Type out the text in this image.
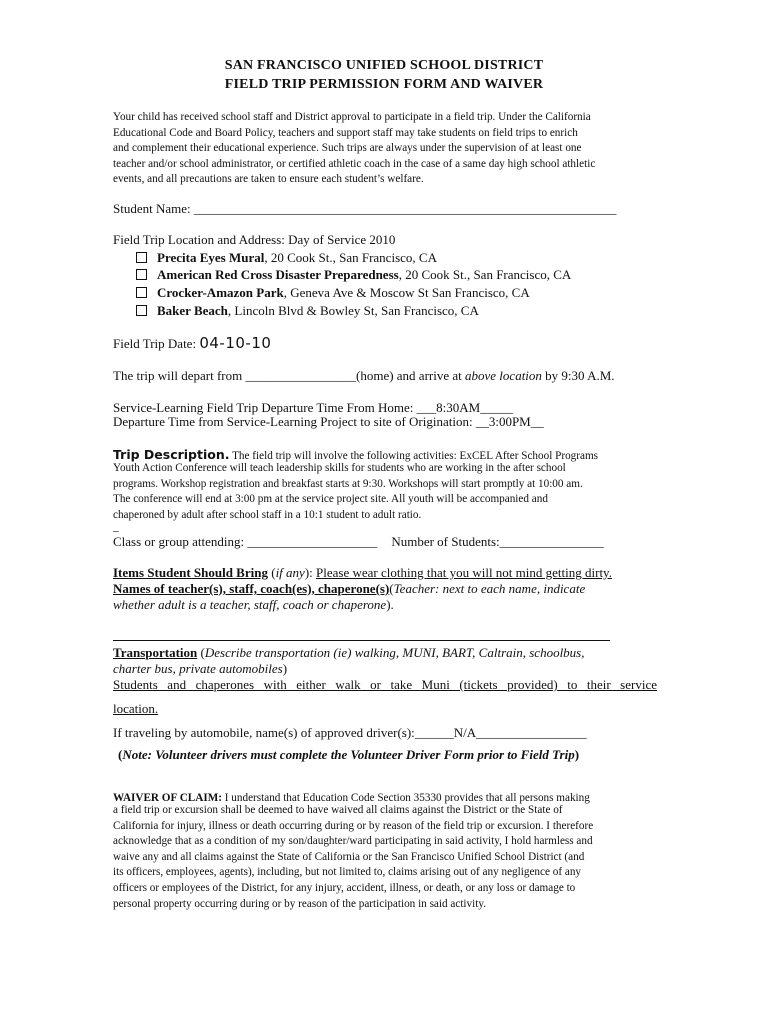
SAN FRANCISCO UNIFIED SCHOOL DISTRICT
FIELD TRIP PERMISSION FORM AND WAIVER
Your child has received school staff and District approval to participate in a field trip. Under the California
Educational Code and Board Policy, teachers and support staff may take students on field trips to enrich
and complement their educational experience. Such trips are always under the supervision of at least one
teacher and/or school administrator, or certified athletic coach in the case of a same day high school athletic
events, and all precautions are taken to ensure each student’s welfare.
Student Name: _________________________________________________________________
Field Trip Location and Address: Day of Service 2010
Precita Eyes Mural, 20 Cook St., San Francisco, CA
American Red Cross Disaster Preparedness, 20 Cook St., San Francisco, CA
Crocker-Amazon Park, Geneva Ave & Moscow St San Francisco, CA
Baker Beach, Lincoln Blvd & Bowley St, San Francisco, CA
Field Trip Date: 04-10-10
The trip will depart from _________________(home) and arrive at above location by 9:30 A.M.
Service-Learning Field Trip Departure Time From Home: ___8:30AM_____
Departure Time from Service-Learning Project to site of Origination: __3:00PM__
Trip Description. The field trip will involve the following activities: ExCEL After School Programs
Youth Action Conference will teach leadership skills for students who are working in the after school
programs. Workshop registration and breakfast starts at 9:30. Workshops will start promptly at 10:00 am.
The conference will end at 3:00 pm at the service project site. All youth will be accompanied and
chaperoned by adult after school staff in a 10:1 student to adult ratio.
_
Class or group attending: ____________________ Number of Students:________________
Items Student Should Bring (if any): Please wear clothing that you will not mind getting dirty.
Names of teacher(s), staff, coach(es), chaperone(s)(Teacher: next to each name, indicate
whether adult is a teacher, staff, coach or chaperone).
Transportation (Describe transportation (ie) walking, MUNI, BART, Caltrain, schoolbus,
charter bus, private automobiles)
Students and chaperones with either walk or take Muni (tickets provided) to their service
location.
If traveling by automobile, name(s) of approved driver(s):______N/A_________________
(Note: Volunteer drivers must complete the Volunteer Driver Form prior to Field Trip)
WAIVER OF CLAIM: I understand that Education Code Section 35330 provides that all persons making
a field trip or excursion shall be deemed to have waived all claims against the District or the State of
California for injury, illness or death occurring during or by reason of the field trip or excursion. I therefore
acknowledge that as a condition of my son/daughter/ward participating in said activity, I hold harmless and
waive any and all claims against the State of California or the San Francisco Unified School District (and
its officers, employees, agents), including, but not limited to, claims arising out of any negligence of any
officers or employees of the District, for any injury, accident, illness, or death, or any loss or damage to
personal property occurring during or by reason of the participation in said activity.
